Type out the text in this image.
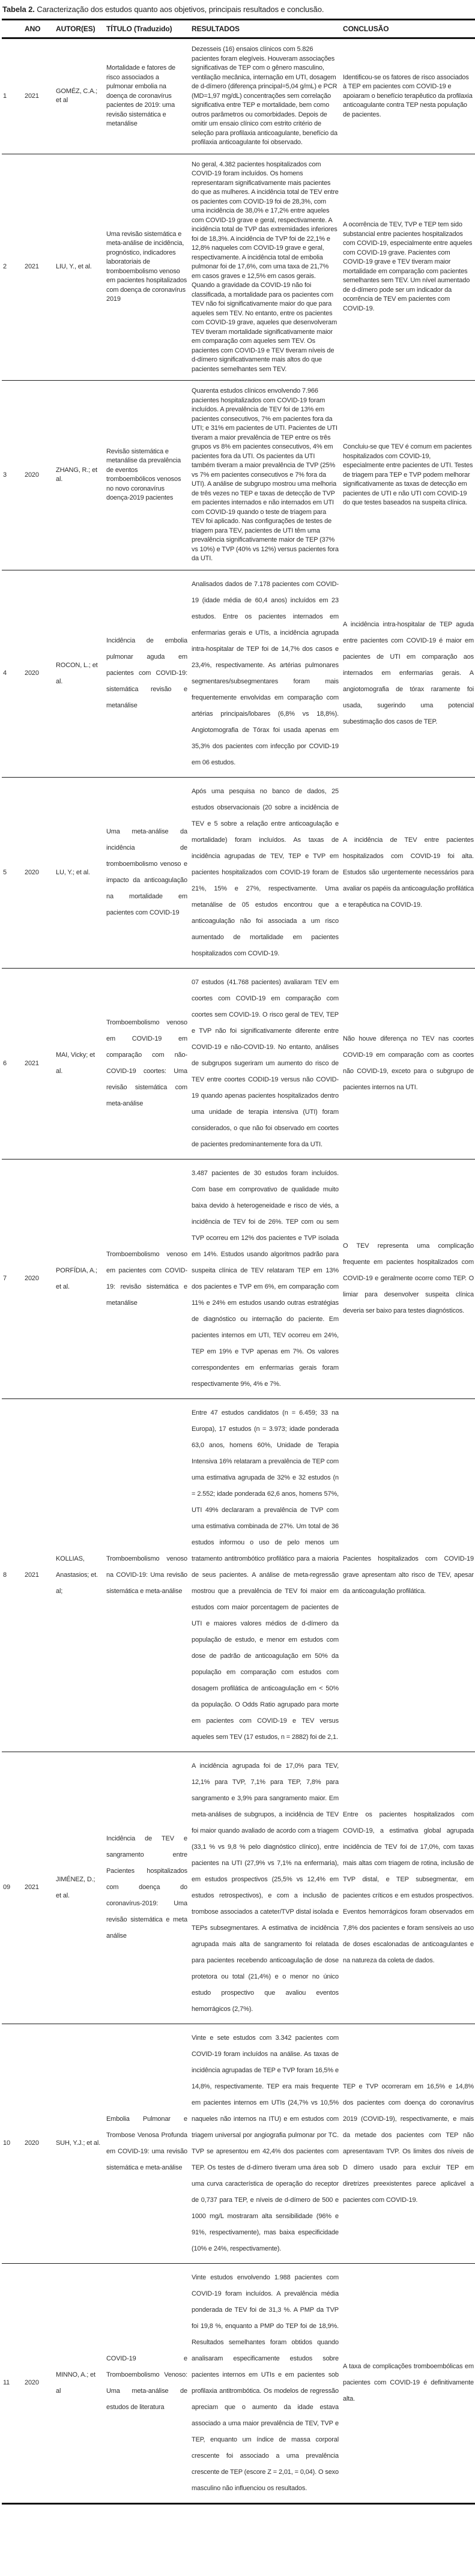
Tabela 2. Caracterização dos estudos quanto aos objetivos, principais resultados e conclusão.

	ANO	AUTOR(ES)	TÍTULO (Traduzido)	RESULTADOS	CONCLUSÃO
1	2021	GOMÉZ, C.A.; et al	Mortalidade e fatores de risco associados a pulmonar embolia na doença de coronavírus pacientes de 2019: uma revisão sistemática e metanálise	Dezesseis (16) ensaios clínicos com 5.826 pacientes foram elegíveis. Houveram associações significativas de TEP com o gênero masculino, ventilação mecânica, internação em UTI, dosagem de d-dímero (diferença principal=5,04 g/mL) e PCR (MD=1,97 mg/dL) concentrações sem correlação significativa entre TEP e mortalidade, bem como outros parâmetros ou comorbidades. Depois de omitir um ensaio clínico com estrito critério de seleção para profilaxia anticoagulante, benefício da profilaxia anticoagulante foi observado.	Identificou-se os fatores de risco associados à TEP em pacientes com COVID-19 e apoiaram o benefício terapêutico da profilaxia anticoagulante contra TEP nesta população de pacientes.
2	2021	LIU, Y., et al.	Uma revisão sistemática e meta-análise de incidência, prognóstico, indicadores laboratoriais de tromboembolismo venoso em pacientes hospitalizados com doença de coronavírus 2019	No geral, 4.382 pacientes hospitalizados com COVID-19 foram incluídos. Os homens representaram significativamente mais pacientes do que as mulheres. A incidência total de TEV entre os pacientes com COVID-19 foi de 28,3%, com uma incidência de 38,0% e 17,2% entre aqueles com COVID-19 grave e geral, respectivamente. A incidência total de TVP das extremidades inferiores foi de 18,3%. A incidência de TVP foi de 22,1% e 12,8% naqueles com COVID-19 grave e geral, respectivamente. A incidência total de embolia pulmonar foi de 17,6%, com uma taxa de 21,7% em casos graves e 12,5% em casos gerais. Quando a gravidade da COVID-19 não foi classificada, a mortalidade para os pacientes com TEV não foi significativamente maior do que para aqueles sem TEV. No entanto, entre os pacientes com COVID-19 grave, aqueles que desenvolveram TEV tiveram mortalidade significativamente maior em comparação com aqueles sem TEV. Os pacientes com COVID-19 e TEV tiveram níveis de d-dímero significativamente mais altos do que pacientes semelhantes sem TEV.	A ocorrência de TEV, TVP e TEP tem sido substancial entre pacientes hospitalizados com COVID-19, especialmente entre aqueles com COVID-19 grave. Pacientes com COVID-19 grave e TEV tiveram maior mortalidade em comparação com pacientes semelhantes sem TEV. Um nível aumentado de d-dímero pode ser um indicador da ocorrência de TEV em pacientes com COVID-19.
3	2020	ZHANG, R.; et al.	Revisão sistemática e metanálise da prevalência de eventos tromboembólicos venosos no novo coronavírus doença-2019 pacientes	Quarenta estudos clínicos envolvendo 7.966 pacientes hospitalizados com COVID-19 foram incluídos. A prevalência de TEV foi de 13% em pacientes consecutivos, 7% em pacientes fora da UTI; e 31% em pacientes de UTI. Pacientes de UTI tiveram a maior prevalência de TEP entre os três grupos vs 8% em pacientes consecutivos, 4% em pacientes fora da UTI. Os pacientes da UTI também tiveram a maior prevalência de TVP (25% vs 7% em pacientes consecutivos e 7% fora da UTI). A análise de subgrupo mostrou uma melhoria de três vezes no TEP e taxas de detecção de TVP em pacientes internados e não internados em UTI com COVID-19 quando o teste de triagem para TEV foi aplicado. Nas configurações de testes de triagem para TEV, pacientes de UTI têm uma prevalência significativamente maior de TEP (37% vs 10%) e TVP (40% vs 12%) versus pacientes fora da UTI.	Concluiu-se que TEV é comum em pacientes hospitalizados com COVID-19, especialmente entre pacientes de UTI. Testes de triagem para TEP e TVP podem melhorar significativamente as taxas de detecção em pacientes de UTI e não UTI com COVID-19 do que testes baseados na suspeita clínica.
4	2020	ROCON, L.; et al.	Incidência de embolia pulmonar aguda em pacientes com COVID-19: sistemática revisão e metanálise	Analisados dados de 7.178 pacientes com COVID-19 (idade média de 60,4 anos) incluídos em 23 estudos. Entre os pacientes internados em enfermarias gerais e UTIs, a incidência agrupada intra-hospitalar de TEP foi de 14,7% dos casos e 23,4%, respectivamente. As artérias pulmonares segmentares/subsegmentares foram mais frequentemente envolvidas em comparação com artérias principais/lobares (6,8% vs 18,8%). Angiotomografia de Tórax foi usada apenas em 35,3% dos pacientes com infecção por COVID-19 em 06 estudos.	A incidência intra-hospitalar de TEP aguda entre pacientes com COVID-19 é maior em pacientes de UTI em comparação aos internados em enfermarias gerais. A angiotomografia de tórax raramente foi usada, sugerindo uma potencial subestimação dos casos de TEP.
5	2020	LU, Y.; et al.	Uma meta-análise da incidência de tromboembolismo venoso e impacto da anticoagulação na mortalidade em pacientes com COVID-19	Após uma pesquisa no banco de dados, 25 estudos observacionais (20 sobre a incidência de TEV e 5 sobre a relação entre anticoagulação e mortalidade) foram incluídos. As taxas de incidência agrupadas de TEV, TEP e TVP em pacientes hospitalizados com COVID-19 foram de 21%, 15% e 27%, respectivamente. Uma metanálise de 05 estudos encontrou que a anticoagulação não foi associada a um risco aumentado de mortalidade em pacientes hospitalizados com COVID-19.	A incidência de TEV entre pacientes hospitalizados com COVID-19 foi alta. Estudos são urgentemente necessários para avaliar os papéis da anticoagulação profilática e terapêutica na COVID-19.
6	2021	MAI, Vicky; et al.	Tromboembolismo venoso em COVID-19 em comparação com não-COVID-19 coortes: Uma revisão sistemática com meta-análise	07 estudos (41.768 pacientes) avaliaram TEV em coortes com COVID-19 em comparação com coortes sem COVID-19. O risco geral de TEV, TEP e TVP não foi significativamente diferente entre COVID-19 e não-COVID-19. No entanto, análises de subgrupos sugeriram um aumento do risco de TEV entre coortes CODID-19 versus não COVID-19 quando apenas pacientes hospitalizados dentro uma unidade de terapia intensiva (UTI) foram considerados, o que não foi observado em coortes de pacientes predominantemente fora da UTI.	Não houve diferença no TEV nas coortes COVID-19 em comparação com as coortes não COVID-19, exceto para o subgrupo de pacientes internos na UTI.
7	2020	PORFÍDIA, A.; et al.	Tromboembolismo venoso em pacientes com COVID-19: revisão sistemática e metanálise	3.487 pacientes de 30 estudos foram incluídos. Com base em comprovativo de qualidade muito baixa devido à heterogeneidade e risco de viés, a incidência de TEV foi de 26%. TEP com ou sem TVP ocorreu em 12% dos pacientes e TVP isolada em 14%. Estudos usando algoritmos padrão para suspeita clínica de TEV relataram TEP em 13% dos pacientes e TVP em 6%, em comparação com 11% e 24% em estudos usando outras estratégias de diagnóstico ou internação do paciente. Em pacientes internos em UTI, TEV ocorreu em 24%, TEP em 19% e TVP apenas em 7%. Os valores correspondentes em enfermarias gerais foram respectivamente 9%, 4% e 7%.	O TEV representa uma complicação frequente em pacientes hospitalizados com COVID-19 e geralmente ocorre como TEP. O limiar para desenvolver suspeita clínica deveria ser baixo para testes diagnósticos.
8	2021	KOLLIAS, Anastasios; et. al;	Tromboembolismo venoso na COVID-19: Uma revisão sistemática e meta-análise	Entre 47 estudos candidatos (n = 6.459; 33 na Europa), 17 estudos (n = 3.973; idade ponderada 63,0 anos, homens 60%, Unidade de Terapia Intensiva 16% relataram a prevalência de TEP com uma estimativa agrupada de 32% e 32 estudos (n = 2.552; idade ponderada 62,6 anos, homens 57%, UTI 49% declararam a prevalência de TVP com uma estimativa combinada de 27%. Um total de 36 estudos informou o uso de pelo menos um tratamento antitrombótico profilático para a maioria de seus pacientes. A análise de meta-regressão mostrou que a prevalência de TEV foi maior em estudos com maior porcentagem de pacientes de UTI e maiores valores médios de d-dímero da população de estudo, e menor em estudos com dose de padrão de anticoagulação em 50% da população em comparação com estudos com dosagem profilática de anticoagulação em < 50% da população. O Odds Ratio agrupado para morte em pacientes com COVID-19 e TEV versus aqueles sem TEV (17 estudos, n = 2882) foi de 2,1.	Pacientes hospitalizados com COVID-19 grave apresentam alto risco de TEV, apesar da anticoagulação profilática.
09	2021	JIMÉNEZ, D.; et al.	Incidência de TEV e sangramento entre Pacientes hospitalizados com doença do coronavírus-2019: Uma revisão sistemática e meta análise	A incidência agrupada foi de 17,0% para TEV, 12,1% para TVP, 7,1% para TEP, 7,8% para sangramento e 3,9% para sangramento maior. Em meta-análises de subgrupos, a incidência de TEV foi maior quando avaliado de acordo com a triagem (33,1 % vs 9,8 % pelo diagnóstico clínico), entre pacientes na UTI (27,9% vs 7,1% na enfermaria), em estudos prospectivos (25,5% vs 12,4% em estudos retrospectivos), e com a inclusão de trombose associados a cateter/TVP distal isolada e TEPs subsegmentares. A estimativa de incidência agrupada mais alta de sangramento foi relatada para pacientes recebendo anticoagulação de dose protetora ou total (21,4%) e o menor no único estudo prospectivo que avaliou eventos hemorrágicos (2,7%).	Entre os pacientes hospitalizados com COVID-19, a estimativa global agrupada incidência de TEV foi de 17,0%, com taxas mais altas com triagem de rotina, inclusão de TVP distal, e TEP subsegmentar, em pacientes críticos e em estudos prospectivos. Eventos hemorrágicos foram observados em 7,8% dos pacientes e foram sensíveis ao uso de doses escalonadas de anticoagulantes e na natureza da coleta de dados.
10	2020	SUH, Y.J.; et al.	Embolia Pulmonar e Trombose Venosa Profunda em COVID-19: uma revisão sistemática e meta-análise	Vinte e sete estudos com 3.342 pacientes com COVID-19 foram incluídos na análise. As taxas de incidência agrupadas de TEP e TVP foram 16,5% e 14,8%, respectivamente. TEP era mais frequente em pacientes internos em UTIs (24,7% vs 10,5% naqueles não internos na ITU) e em estudos com triagem universal por angiografia pulmonar por TC. TVP se apresentou em 42,4% dos pacientes com TEP. Os testes de d-dímero tiveram uma área sob uma curva característica de operação do receptor de 0,737 para TEP, e níveis de d-dímero de 500 e 1000 mg/L mostraram alta sensibilidade (96% e 91%, respectivamente), mas baixa especificidade (10% e 24%, respectivamente).	TEP e TVP ocorreram em 16,5% e 14,8% dos pacientes com doença do coronavírus 2019 (COVID-19), respectivamente, e mais da metade dos pacientes com TEP não apresentavam TVP. Os limites dos níveis de D dímero usado para excluir TEP em diretrizes preexistentes parece aplicável a pacientes com COVID-19.
11	2020	MINNO, A.; et al	COVID-19 e Tromboembolismo Venoso: Uma meta-análise de estudos de literatura	Vinte estudos envolvendo 1.988 pacientes com COVID-19 foram incluídos. A prevalência média ponderada de TEV foi de 31,3 %. A PMP da TVP foi 19,8 %, enquanto a PMP do TEP foi de 18,9%. Resultados semelhantes foram obtidos quando analisaram especificamente estudos sobre pacientes internos em UTIs e em pacientes sob profilaxia antitrombótica. Os modelos de regressão apreciam que o aumento da idade estava associado a uma maior prevalência de TEV, TVP e TEP, enquanto um índice de massa corporal crescente foi associado a uma prevalência crescente de TEP (escore Z = 2,01, = 0,04). O sexo masculino não influenciou os resultados.	A taxa de complicações tromboembólicas em pacientes com COVID-19 é definitivamente alta.
